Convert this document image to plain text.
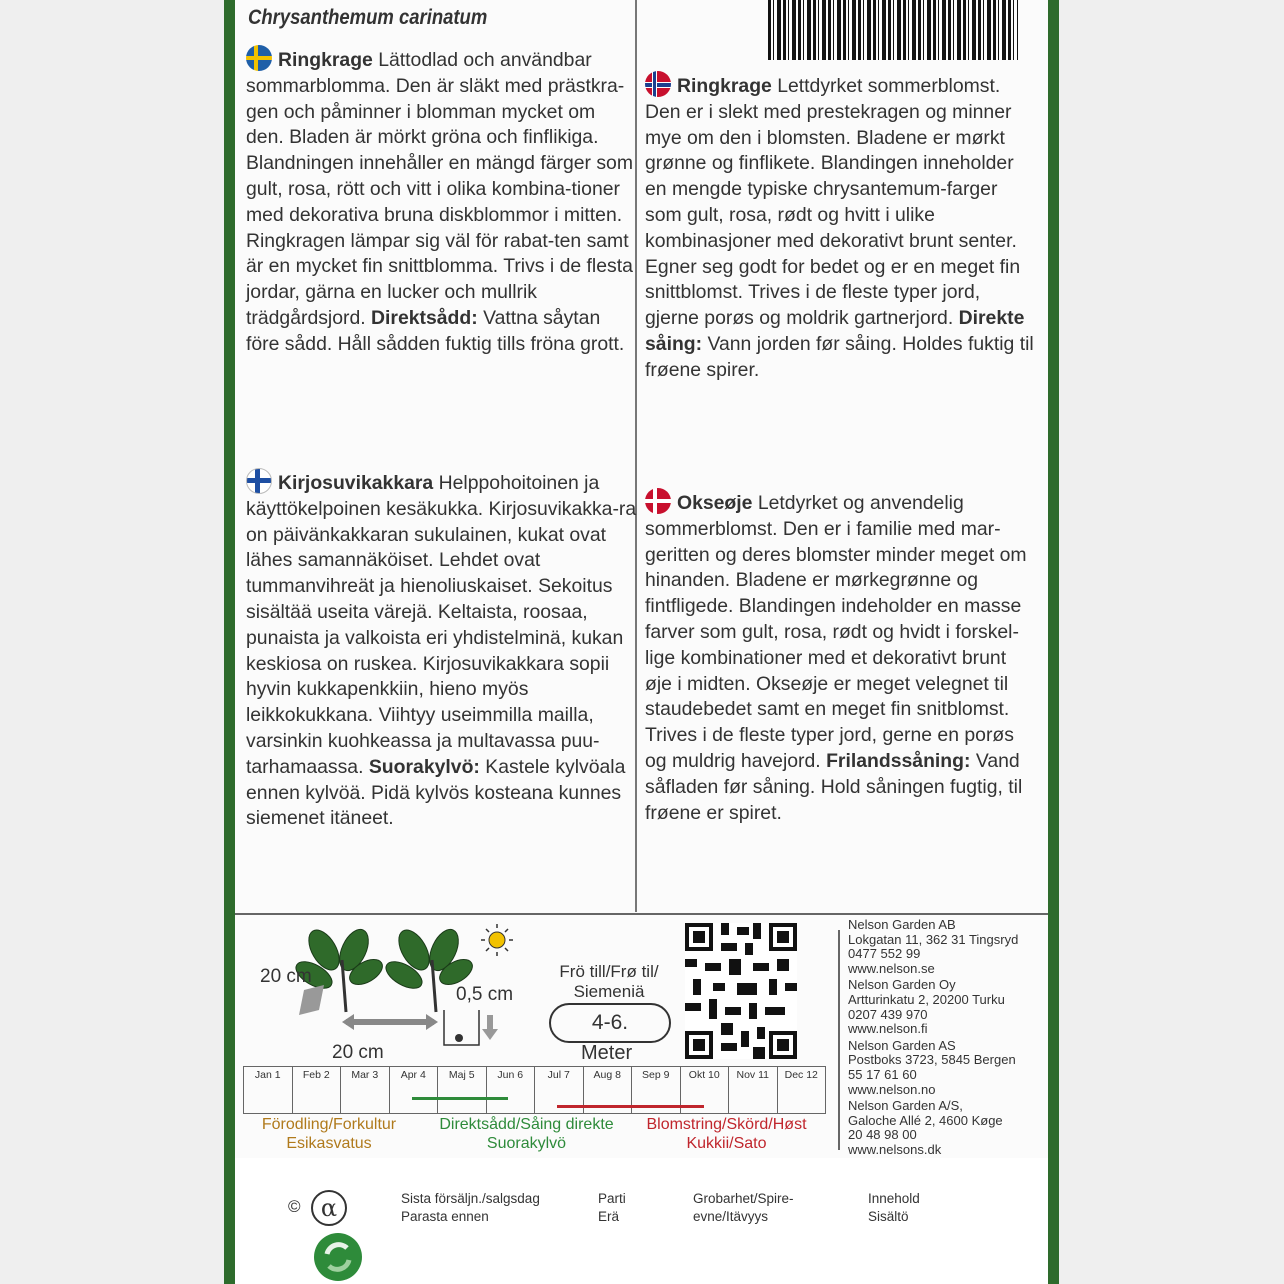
Chrysanthemum carinatum
Ringkrage Lättodlad och användbar sommarblomma. Den är släkt med prästkra-gen och påminner i blomman mycket om den. Bladen är mörkt gröna och finflikiga. Blandningen innehåller en mängd färger som gult, rosa, rött och vitt i olika kombina-tioner med dekorativa bruna diskblommor i mitten. Ringkragen lämpar sig väl för rabat-ten samt är en mycket fin snittblomma. Trivs i de flesta jordar, gärna en lucker och mullrik trädgårdsjord. Direktsådd: Vattna såytan före sådd. Håll sådden fuktig tills fröna grott.
Ringkrage Lettdyrket sommerblomst. Den er i slekt med prestekragen og minner mye om den i blomsten. Bladene er mørkt grønne og finflikete. Blandingen inneholder en mengde typiske chrysantemum-farger som gult, rosa, rødt og hvitt i ulike kombinasjoner med dekorativt brunt senter. Egner seg godt for bedet og er en meget fin snittblomst. Trives i de fleste typer jord, gjerne porøs og moldrik gartnerjord. Direkte såing: Vann jorden før såing. Holdes fuktig til frøene spirer.
Kirjosuvikakkara Helppohoitoinen ja käyttökelpoinen kesäkukka. Kirjosuvikakka-ra on päivänkakkaran sukulainen, kukat ovat lähes samannäköiset. Lehdet ovat tummanvihreät ja hienoliuskaiset. Sekoitus sisältää useita värejä. Keltaista, roosaa, punaista ja valkoista eri yhdistelminä, kukan keskiosa on ruskea. Kirjosuvikakkara sopii hyvin kukkapenkkiin, hieno myös leikkokukkana. Viihtyy useimmilla mailla, varsinkin kuohkeassa ja multavassa puu-tarhamaassa. Suorakylvö: Kastele kylvöala ennen kylvöä. Pidä kylvös kosteana kunnes siemenet itäneet.
Okseøje Letdyrket og anvendelig sommerblomst. Den er i familie med mar-geritten og deres blomster minder meget om hinanden. Bladene er mørkegrønne og fintfligede. Blandingen indeholder en masse farver som gult, rosa, rødt og hvidt i forskel-lige kombinationer med et dekorativt brunt øje i midten. Okseøje er meget velegnet til staudebedet samt en meget fin snitblomst. Trives i de fleste typer jord, gerne en porøs og muldrig havejord. Frilandssåning: Vand såfladen før såning. Hold såningen fugtig, til frøene er spiret.
20 cm
20 cm
0,5 cm
Frö till/Frø til/
Siemeniä
4-6.
Meter
Nelson Garden AB
Lokgatan 11, 362 31 Tingsryd
0477 552 99
www.nelson.se
Nelson Garden Oy
Artturinkatu 2, 20200 Turku
0207 439 970
www.nelson.fi
Nelson Garden AS
Postboks 3723, 5845 Bergen
55 17 61 60
www.nelson.no
Nelson Garden A/S,
Galoche Allé 2, 4600 Køge
20 48 98 00
www.nelsons.dk
Jan 1	Feb 2	Mar 3	Apr 4	Maj 5	Jun 6	Jul 7	Aug 8	Sep 9	Okt 10	Nov 11	Dec 12
Förodling/Forkultur
Esikasvatus
Direktsådd/Såing direkte
Suorakylvö
Blomstring/Skörd/Høst
Kukkii/Sato
© α	Sista försäljn./salgsdag
Parasta ennen
Parti
Erä
Grobarhet/Spire-
evne/Itävyys
Innehold
Sisältö
